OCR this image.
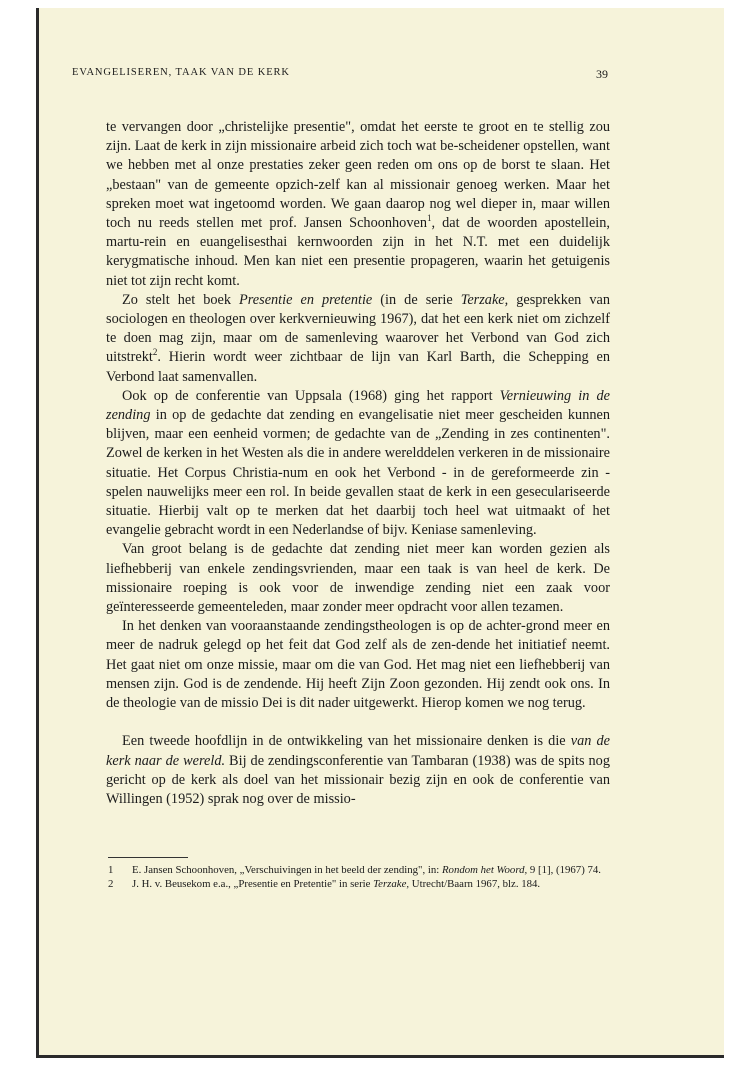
EVANGELISEREN, TAAK VAN DE KERK	39

te vervangen door „christelijke presentie", omdat het eerste te groot en te stellig zou zijn. Laat de kerk in zijn missionaire arbeid zich toch wat be-scheidener opstellen, want we hebben met al onze prestaties zeker geen reden om ons op de borst te slaan. Het „bestaan" van de gemeente opzich-zelf kan al missionair genoeg werken. Maar het spreken moet wat ingetoomd worden. We gaan daarop nog wel dieper in, maar willen toch nu reeds stellen met prof. Jansen Schoonhoven$^1$, dat de woorden apostellein, martu-rein en euangelisesthai kernwoorden zijn in het N.T. met een duidelijk kerygmatische inhoud. Men kan niet een presentie propageren, waarin het getuigenis niet tot zijn recht komt.

Zo stelt het boek Presentie en pretentie (in de serie Terzake, gesprekken van sociologen en theologen over kerkvernieuwing 1967), dat het een kerk niet om zichzelf te doen mag zijn, maar om de samenleving waarover het Verbond van God zich uitstrekt$^2$. Hierin wordt weer zichtbaar de lijn van Karl Barth, die Schepping en Verbond laat samenvallen.

Ook op de conferentie van Uppsala (1968) ging het rapport Vernieuwing in de zending in op de gedachte dat zending en evangelisatie niet meer gescheiden kunnen blijven, maar een eenheid vormen; de gedachte van de „Zending in zes continenten". Zowel de kerken in het Westen als die in andere werelddelen verkeren in de missionaire situatie. Het Corpus Christia-num en ook het Verbond - in de gereformeerde zin - spelen nauwelijks meer een rol. In beide gevallen staat de kerk in een geseculariseerde situatie. Hierbij valt op te merken dat het daarbij toch heel wat uitmaakt of het evangelie gebracht wordt in een Nederlandse of bijv. Keniase samenleving.

Van groot belang is de gedachte dat zending niet meer kan worden gezien als liefhebberij van enkele zendingsvrienden, maar een taak is van heel de kerk. De missionaire roeping is ook voor de inwendige zending niet een zaak voor geïnteresseerde gemeenteleden, maar zonder meer opdracht voor allen tezamen.

In het denken van vooraanstaande zendingstheologen is op de achter-grond meer en meer de nadruk gelegd op het feit dat God zelf als de zen-dende het initiatief neemt. Het gaat niet om onze missie, maar om die van God. Het mag niet een liefhebberij van mensen zijn. God is de zendende. Hij heeft Zijn Zoon gezonden. Hij zendt ook ons. In de theologie van de missio Dei is dit nader uitgewerkt. Hierop komen we nog terug.

Een tweede hoofdlijn in de ontwikkeling van het missionaire denken is die van de kerk naar de wereld. Bij de zendingsconferentie van Tambaran (1938) was de spits nog gericht op de kerk als doel van het missionair bezig zijn en ook de conferentie van Willingen (1952) sprak nog over de missio-

1 E. Jansen Schoonhoven, „Verschuivingen in het beeld der zending", in: Rondom het Woord, 9 [1], (1967) 74.

2 J. H. v. Beusekom e.a., „Presentie en Pretentie" in serie Terzake, Utrecht/Baarn 1967, blz. 184.
